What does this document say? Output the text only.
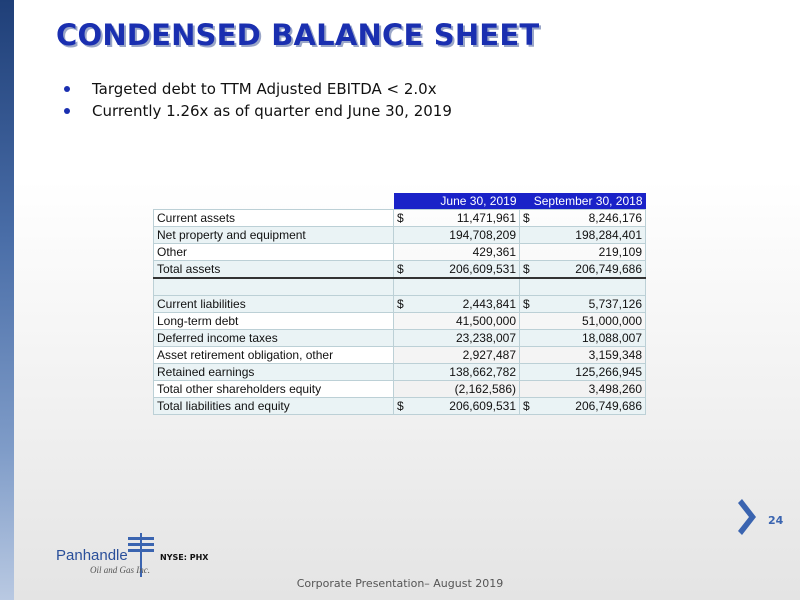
CONDENSED BALANCE SHEET
Targeted debt to TTM Adjusted EBITDA < 2.0x
Currently 1.26x as of quarter end June 30, 2019
	June 30, 2019	September 30, 2018
Current assets	$ 11,471,961	$ 8,246,176

Net property and equipment	194,708,209	198,284,401

Other	429,361	219,109

Total assets	$ 206,609,531	$ 206,749,686

Current liabilities	$ 2,443,841	$ 5,737,126

Long-term debt	41,500,000	51,000,000

Deferred income taxes	23,238,007	18,088,007

Asset retirement obligation, other	2,927,487	3,159,348

Retained earnings	138,662,782	125,266,945

Total other shareholders equity	(2,162,586)	3,498,260

Total liabilities and equity	$ 206,609,531	$ 206,749,686
24
Panhandle
Oil and Gas Inc.
NYSE: PHX
Corporate Presentation– August 2019
